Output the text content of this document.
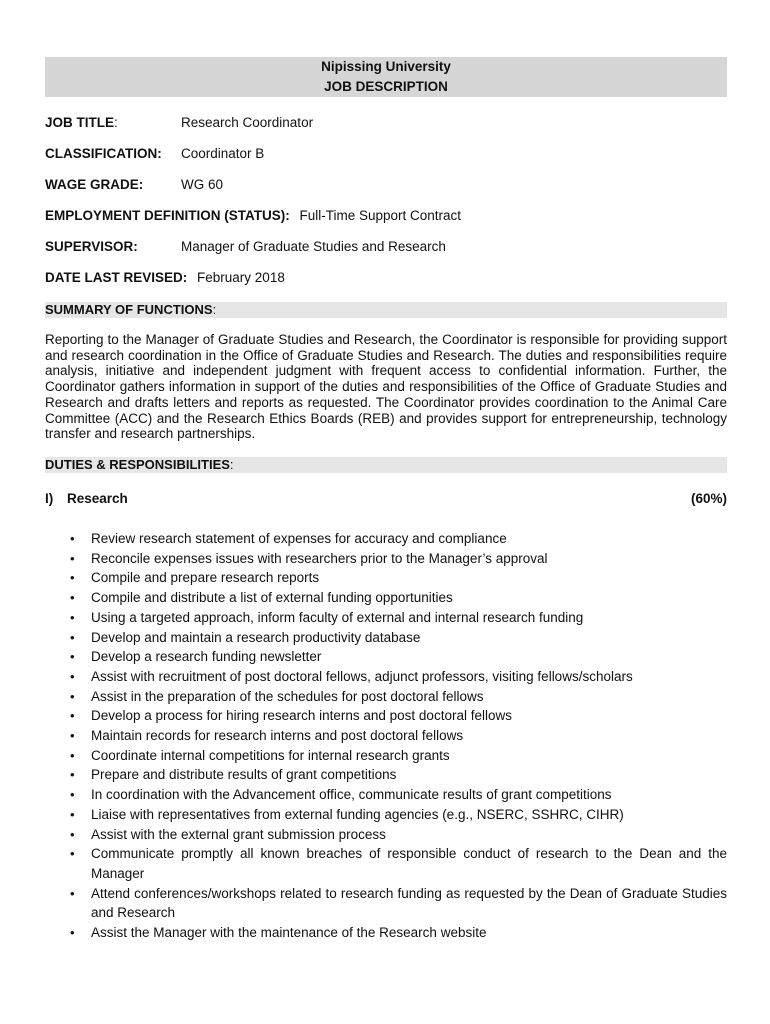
Nipissing University
JOB DESCRIPTION
JOB TITLE:	Research Coordinator
CLASSIFICATION: Coordinator B
WAGE GRADE:	WG 60
EMPLOYMENT DEFINITION (STATUS): Full-Time Support Contract
SUPERVISOR:	Manager of Graduate Studies and Research
DATE LAST REVISED: February 2018
SUMMARY OF FUNCTIONS:
Reporting to the Manager of Graduate Studies and Research, the Coordinator is responsible for providing support and research coordination in the Office of Graduate Studies and Research. The duties and responsibilities require analysis, initiative and independent judgment with frequent access to confidential information. Further, the Coordinator gathers information in support of the duties and responsibilities of the Office of Graduate Studies and Research and drafts letters and reports as requested. The Coordinator provides coordination to the Animal Care Committee (ACC) and the Research Ethics Boards (REB) and provides support for entrepreneurship, technology transfer and research partnerships.
DUTIES & RESPONSIBILITIES:
I) Research	(60%)
• Review research statement of expenses for accuracy and compliance
• Reconcile expenses issues with researchers prior to the Manager’s approval
• Compile and prepare research reports
• Compile and distribute a list of external funding opportunities
• Using a targeted approach, inform faculty of external and internal research funding
• Develop and maintain a research productivity database
• Develop a research funding newsletter
• Assist with recruitment of post doctoral fellows, adjunct professors, visiting fellows/scholars
• Assist in the preparation of the schedules for post doctoral fellows
• Develop a process for hiring research interns and post doctoral fellows
• Maintain records for research interns and post doctoral fellows
• Coordinate internal competitions for internal research grants
• Prepare and distribute results of grant competitions
• In coordination with the Advancement office, communicate results of grant competitions
• Liaise with representatives from external funding agencies (e.g., NSERC, SSHRC, CIHR)
• Assist with the external grant submission process
• Communicate promptly all known breaches of responsible conduct of research to the Dean and the Manager
• Attend conferences/workshops related to research funding as requested by the Dean of Graduate Studies and Research
• Assist the Manager with the maintenance of the Research website
